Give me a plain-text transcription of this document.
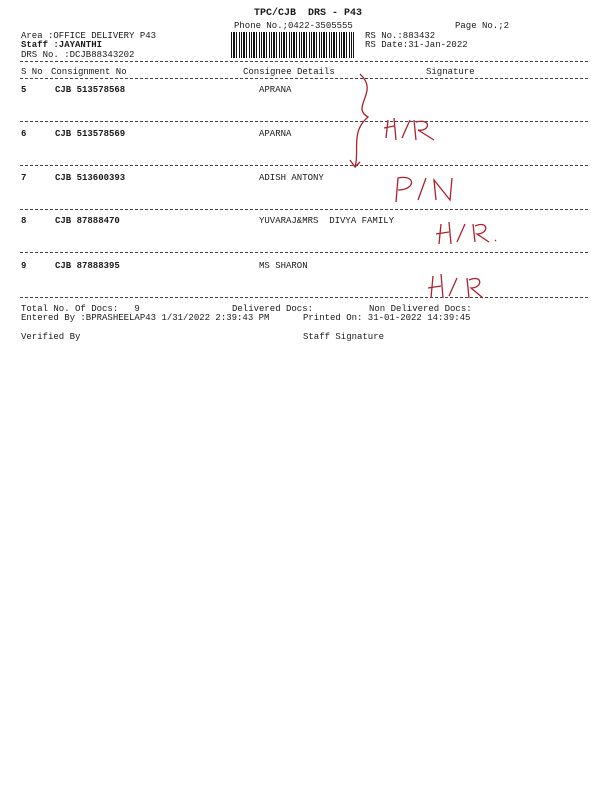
TPC/CJB  DRS - P43
Phone No.;0422-3505555	Page No.;2
Area :OFFICE DELIVERY P43
Staff :JAYANTHI
DRS No. :DCJB88343202
RS No.:883432
RS Date:31-Jan-2022
S No Consignment No	Consignee Details	Signature
5	CJB 513578568	APRANA
6	CJB 513578569	APARNA
7	CJB 513600393	ADISH ANTONY
8	CJB 87888470	YUVARAJ&MRS  DIVYA FAMILY
9	CJB 87888395	MS SHARON
Total No. Of Docs:   9	Delivered Docs:	Non Delivered Docs:
Entered By :BPRASHEELAP43 1/31/2022 2:39:43 PM	Printed On: 31-01-2022 14:39:45
Verified By	Staff Signature
